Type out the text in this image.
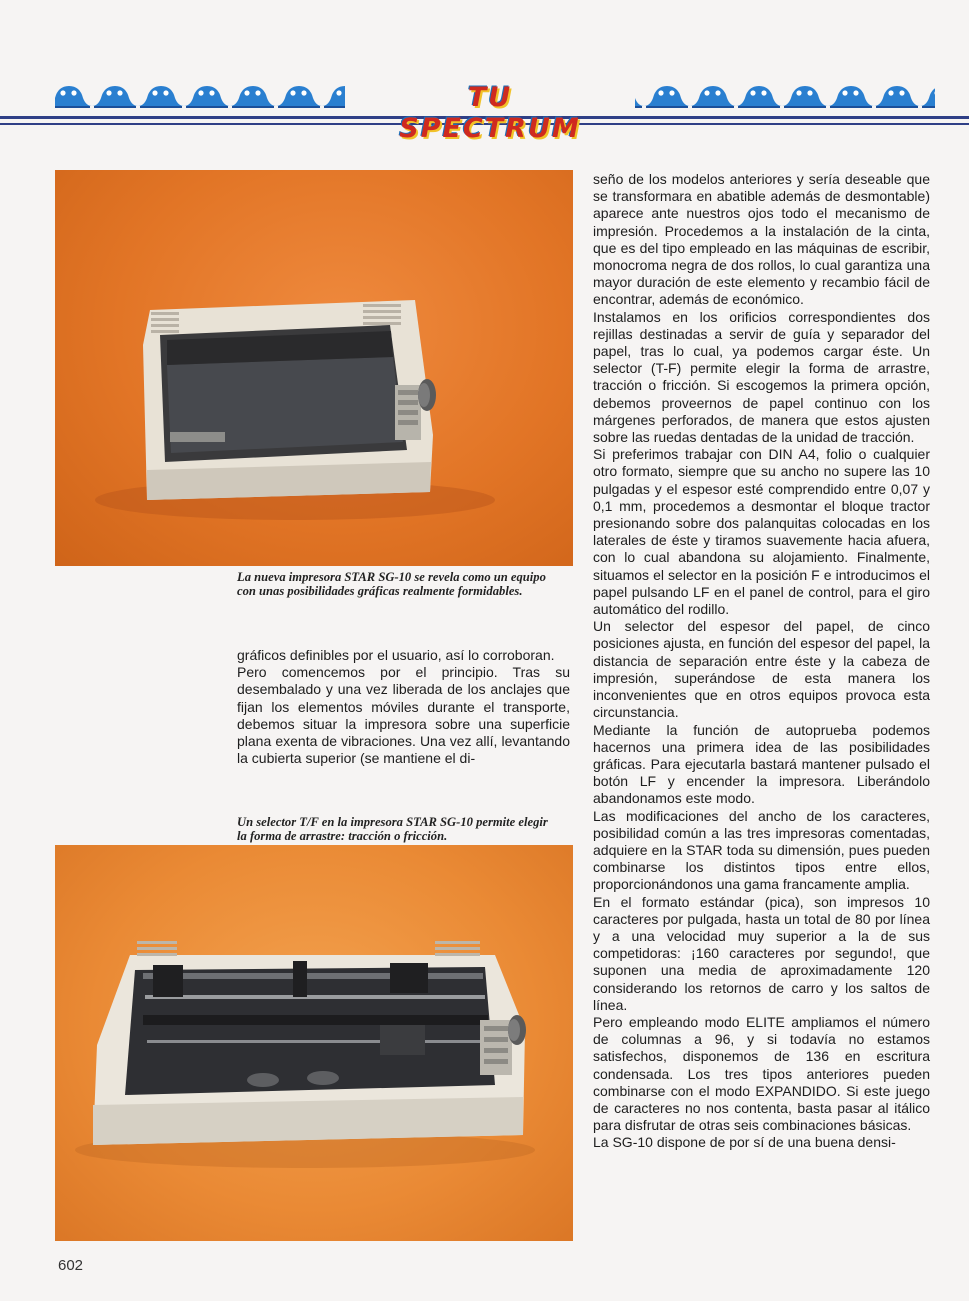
TU SPECTRUM

La nueva impresora STAR SG-10 se revela como un equipo con unas posibilidades gráficas realmente formidables.

gráficos definibles por el usuario, así lo corroboran.

Pero comencemos por el principio. Tras su desembalado y una vez liberada de los anclajes que fijan los elementos móviles durante el transporte, debemos situar la impresora sobre una superficie plana exenta de vibraciones. Una vez allí, levantando la cubierta superior (se mantiene el di-

Un selector T/F en la impresora STAR SG-10 permite elegir la forma de arrastre: tracción o fricción.

seño de los modelos anteriores y sería deseable que se transformara en abatible además de desmontable) aparece ante nuestros ojos todo el mecanismo de impresión. Procedemos a la instalación de la cinta, que es del tipo empleado en las máquinas de escribir, monocroma negra de dos rollos, lo cual garantiza una mayor duración de este elemento y recambio fácil de encontrar, además de económico.

Instalamos en los orificios correspondientes dos rejillas destinadas a servir de guía y separador del papel, tras lo cual, ya podemos cargar éste. Un selector (T-F) permite elegir la forma de arrastre, tracción o fricción. Si escogemos la primera opción, debemos proveernos de papel continuo con los márgenes perforados, de manera que estos ajusten sobre las ruedas dentadas de la unidad de tracción.

Si preferimos trabajar con DIN A4, folio o cualquier otro formato, siempre que su ancho no supere las 10 pulgadas y el espesor esté comprendido entre 0,07 y 0,1 mm, procedemos a desmontar el bloque tractor presionando sobre dos palanquitas colocadas en los laterales de éste y tiramos suavemente hacia afuera, con lo cual abandona su alojamiento. Finalmente, situamos el selector en la posición F e introducimos el papel pulsando LF en el panel de control, para el giro automático del rodillo.

Un selector del espesor del papel, de cinco posiciones ajusta, en función del espesor del papel, la distancia de separación entre éste y la cabeza de impresión, superándose de esta manera los inconvenientes que en otros equipos provoca esta circunstancia.

Mediante la función de autoprueba podemos hacernos una primera idea de las posibilidades gráficas. Para ejecutarla bastará mantener pulsado el botón LF y encender la impresora. Liberándolo abandonamos este modo.

Las modificaciones del ancho de los caracteres, posibilidad común a las tres impresoras comentadas, adquiere en la STAR toda su dimensión, pues pueden combinarse los distintos tipos entre ellos, proporcionándonos una gama francamente amplia.

En el formato estándar (pica), son impresos 10 caracteres por pulgada, hasta un total de 80 por línea y a una velocidad muy superior a la de sus competidoras: ¡160 caracteres por segundo!, que suponen una media de aproximadamente 120 considerando los retornos de carro y los saltos de línea.

Pero empleando modo ELITE ampliamos el número de columnas a 96, y si todavía no estamos satisfechos, disponemos de 136 en escritura condensada. Los tres tipos anteriores pueden combinarse con el modo EXPANDIDO. Si este juego de caracteres no nos contenta, basta pasar al itálico para disfrutar de otras seis combinaciones básicas.

La SG-10 dispone de por sí de una buena densi-

602
